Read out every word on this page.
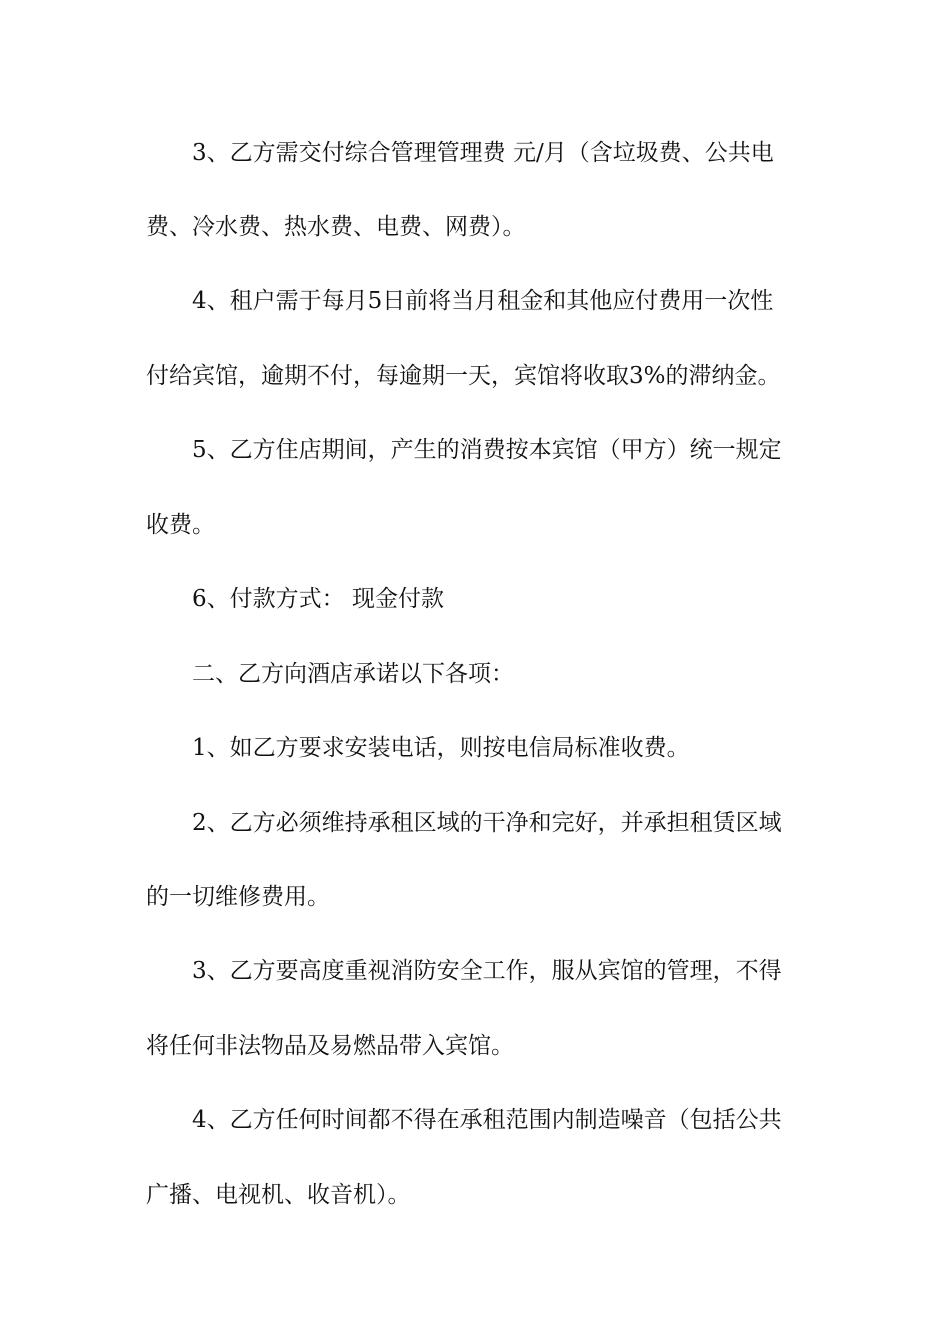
3、乙方需交付综合管理管理费 元/月（含垃圾费、公共电

费、冷水费、热水费、电费、网费）。

4、租户需于每月5日前将当月租金和其他应付费用一次性

付给宾馆，逾期不付，每逾期一天，宾馆将收取3%的滞纳金。

5、乙方住店期间，产生的消费按本宾馆（甲方）统一规定

收费。

6、付款方式： 现金付款

二、乙方向酒店承诺以下各项：

1、如乙方要求安装电话，则按电信局标准收费。

2、乙方必须维持承租区域的干净和完好，并承担租赁区域

的一切维修费用。

3、乙方要高度重视消防安全工作，服从宾馆的管理，不得

将任何非法物品及易燃品带入宾馆。

4、乙方任何时间都不得在承租范围内制造噪音（包括公共

广播、电视机、收音机）。
